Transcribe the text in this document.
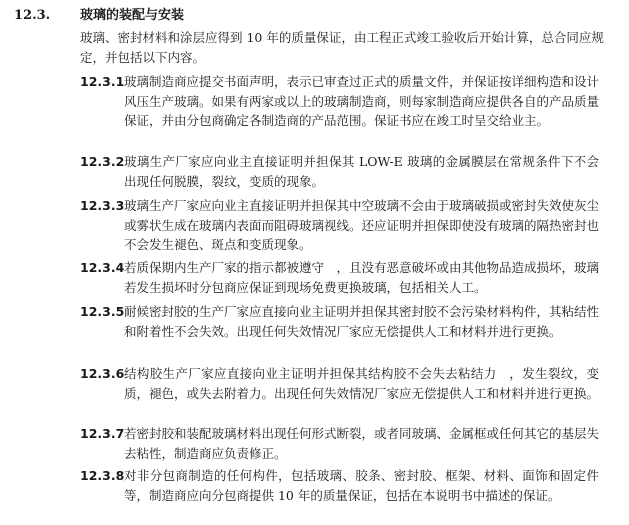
12.3. 玻璃的装配与安装

玻璃、密封材料和涂层应得到 10 年的质量保证，由工程正式竣工验收后开始计算，总合同应规定，并包括以下内容。

12.3.1 玻璃制造商应提交书面声明，表示已审查过正式的质量文件，并保证按详细构造和设计风压生产玻璃。如果有两家或以上的玻璃制造商，则每家制造商应提供各自的产品质量保证，并由分包商确定各制造商的产品范围。保证书应在竣工时呈交给业主。

12.3.2 玻璃生产厂家应向业主直接证明并担保其 LOW-E 玻璃的金属膜层在常规条件下不会出现任何脱膜，裂纹，变质的现象。

12.3.3 玻璃生产厂家应向业主直接证明并担保其中空玻璃不会由于玻璃破损或密封失效使灰尘或雾状生成在玻璃内表面而阻碍玻璃视线。还应证明并担保即使没有玻璃的隔热密封也不会发生褪色、斑点和变质现象。

12.3.4 若质保期内生产厂家的指示都被遵守　，且没有恶意破坏或由其他物品造成损坏，玻璃若发生损坏时分包商应保证到现场免费更换玻璃，包括相关人工。

12.3.5 耐候密封胶的生产厂家应直接向业主证明并担保其密封胶不会污染材料构件，其粘结性和附着性不会失效。出现任何失效情况厂家应无偿提供人工和材料并进行更换。

12.3.6 结构胶生产厂家应直接向业主证明并担保其结构胶不会失去粘结力　，发生裂纹，变质，褪色，或失去附着力。出现任何失效情况厂家应无偿提供人工和材料并进行更换。

12.3.7 若密封胶和装配玻璃材料出现任何形式断裂，或者同玻璃、金属框或任何其它的基层失去粘性，制造商应负责修正。

12.3.8 对非分包商制造的任何构件，包括玻璃、胶条、密封胶、框架、材料、面饰和固定件等，制造商应向分包商提供 10 年的质量保证，包括在本说明书中描述的保证。
